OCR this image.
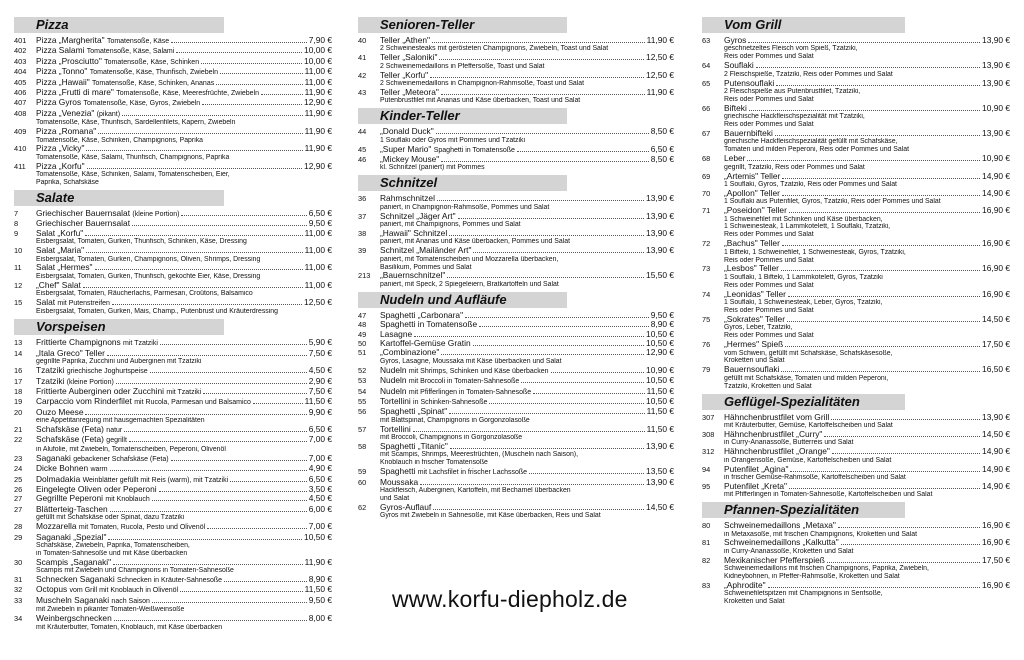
Pizza
401	Pizza „Margherita" Tomatensoße, Käse	7,90 €
402	Pizza Salami Tomatensoße, Käse, Salami	10,00 €
403	Pizza „Prosciutto" Tomatensoße, Käse, Schinken	10,00 €
404	Pizza „Tonno" Tomatensoße, Käse, Thunfisch, Zwiebeln	11,00 €
405	Pizza „Hawaii" Tomatensoße, Käse, Schinken, Ananas	11,00 €
406	Pizza „Frutti di mare" Tomatensoße, Käse, Meeresfrüchte, Zwiebeln	11,90 €
407	Pizza Gyros Tomatensoße, Käse, Gyros, Zwiebeln	12,90 €
408	Pizza „Venezia" (pikant)	11,90 €
Tomatensoße, Käse, Thunfisch, Sardellenfilets, Kapern, Zwiebeln
409	Pizza „Romana"	11,90 €
Tomatensoße, Käse, Schinken, Champignons, Paprika
410	Pizza „Vicky"	11,90 €
Tomatensoße, Käse, Salami, Thunfisch, Champignons, Paprika
411	Pizza „Korfu"	12,90 €
Tomatensoße, Käse, Schinken, Salami, Tomatenscheiben, Eier,
Paprika, Schafskäse
Salate
7	Griechischer Bauernsalat (kleine Portion)	6,50 €
8	Griechischer Bauernsalat	9,50 €
9	Salat „Korfu"	11,00 €
Eisbergsalat, Tomaten, Gurken, Thunfisch, Schinken, Käse, Dressing
10	Salat „Maria"	11,00 €
Eisbergsalat, Tomaten, Gurken, Champignons, Oliven, Shrimps, Dressing
11	Salat „Hermes"	11,00 €
Eisbergsalat, Tomaten, Gurken, Thunfisch, gekochte Eier, Käse, Dressing
12	„Chef" Salat	11,00 €
Eisbergsalat, Tomaten, Räucherlachs, Parmesan, Croûtons, Balsamico
15	Salat mit Putenstreifen	12,50 €
Eisbergsalat, Tomaten, Gurken, Mais, Champ., Putenbrust und Kräuterdressing
Vorspeisen
13	Frittierte Champignons mit Tzatziki	5,90 €
14	„Itala Greco" Teller	7,50 €
gegrillte Paprika, Zucchini und Auberginen mit Tzatziki
16	Tzatziki griechische Joghurtspeise	4,50 €
17	Tzatziki (kleine Portion)	2,90 €
18	Frittierte Auberginen oder Zucchini mit Tzatziki	7,50 €
19	Carpaccio vom Rinderfilet mit Rucola, Parmesan und Balsamico	11,50 €
20	Ouzo Meese	9,90 €
eine Appetitanregung mit hausgemachten Spezialitäten
21	Schafskäse (Feta) natur	6,50 €
22	Schafskäse (Feta) gegrillt	7,00 €
in Alufolie, mit Zwiebeln, Tomatenscheiben, Peperoni, Olivenöl
23	Saganaki gebackener Schafskäse (Feta)	7,00 €
24	Dicke Bohnen warm	4,90 €
25	Dolmadakia Weinblätter gefüllt mit Reis (warm), mit Tzatziki	6,50 €
26	Eingelegte Oliven oder Peperoni	3,50 €
27	Gegrillte Peperoni mit Knoblauch	4,50 €
27	Blätterteig-Taschen	6,00 €
gefüllt mit Schafskäse oder Spinat, dazu Tzatziki
28	Mozzarella mit Tomaten, Rucola, Pesto und Olivenöl	7,00 €
29	Saganaki „Spezial"	10,50 €
Schafskäse, Zwiebeln, Paprika, Tomatenscheiben,
in Tomaten-Sahnesoße und mit Käse überbacken
30	Scampis „Saganaki"	11,90 €
Scampis mit Zwiebeln und Champignons in Tomaten-Sahnesoße
31	Schnecken Saganaki Schnecken in Kräuter-Sahnesoße	8,90 €
32	Octopus vom Grill mit Knoblauch in Olivenöl	11,50 €
33	Muscheln Saganaki nach Saison	9,50 €
mit Zwiebeln in pikanter Tomaten-Weißweinsoße
34	Weinbergschnecken	8,00 €
mit Kräuterbutter, Tomaten, Knoblauch, mit Käse überbacken
Senioren-Teller
40	Teller „Athen"	11,90 €
2 Schweinesteaks mit gerösteten Champignons, Zwiebeln, Toast und Salat
41	Teller „Saloniki"	12,50 €
2 Schweinemedaillons in Pfeffersoße, Toast und Salat
42	Teller „Korfu"	12,50 €
2 Schweinemedaillons in Champignon-Rahmsoße, Toast und Salat
43	Teller „Meteora"	11,90 €
Putenbrustfilet mit Ananas und Käse überbacken, Toast und Salat
Kinder-Teller
44	„Donald Duck"	8,50 €
1 Souflaki oder Gyros mit Pommes und Tzatziki
45	„Super Mario" Spaghetti in Tomatensoße	6,50 €
46	„Mickey Mouse"	8,50 €
kl. Schnitzel (paniert) mit Pommes
Schnitzel
36	Rahmschnitzel	13,90 €
paniert, in Champignon-Rahmsoße, Pommes und Salat
37	Schnitzel „Jäger Art"	13,90 €
paniert, mit Champignons, Pommes und Salat
38	„Hawaii" Schnitzel	13,90 €
paniert, mit Ananas und Käse überbacken, Pommes und Salat
39	Schnitzel „Mailänder Art"	13,90 €
paniert, mit Tomatenscheiben und Mozzarella überbacken,
Basilikum, Pommes und Salat
213	„Bauernschnitzel"	15,50 €
paniert, mit Speck, 2 Spiegeleiern, Bratkartoffeln und Salat
Nudeln und Aufläufe
47	Spaghetti „Carbonara"	9,50 €
48	Spaghetti in Tomatensoße	8,90 €
49	Lasagne	10,50 €
50	Kartoffel-Gemüse Gratin	10,50 €
51	„Combinazione"	12,90 €
Gyros, Lasagne, Moussaka mit Käse überbacken und Salat
52	Nudeln mit Shrimps, Schinken und Käse überbacken	10,90 €
53	Nudeln mit Broccoli in Tomaten-Sahnesoße	10,50 €
54	Nudeln mit Pfifferlingen in Tomaten-Sahnesoße	11,50 €
55	Tortellini in Schinken-Sahnesoße	10,50 €
56	Spaghetti „Spinat"	11,50 €
mit Blattspinat, Champignons in Gorgonzolasoße
57	Tortellini	11,50 €
mit Broccoli, Champignons in Gorgonzolasoße
58	Spaghetti „Titanic"	13,90 €
mit Scampis, Shrimps, Meeresfrüchten, (Muscheln nach Saison),
Knoblauch in frischer Tomatensoße
59	Spaghetti mit Lachsfilet in frischer Lachssoße	13,50 €
60	Moussaka	13,90 €
Hackfleisch, Auberginen, Kartoffeln, mit Bechamel überbacken
und Salat
62	Gyros-Auflauf	14,50 €
Gyros mit Zwiebeln in Sahnesoße, mit Käse überbacken, Reis und Salat
Vom Grill
63	Gyros	13,90 €
geschnetzeltes Fleisch vom Spieß, Tzatziki,
Reis oder Pommes und Salat
64	Souflaki	13,90 €
2 Fleischspieße, Tzatziki, Reis oder Pommes und Salat
65	Putensouflaki	13,90 €
2 Fleischspieße aus Putenbrustfilet, Tzatziki,
Reis oder Pommes und Salat
66	Bifteki	10,90 €
griechische Hackfleischspezialität mit Tzatziki,
Reis oder Pommes und Salat
67	Bauernbifteki	13,90 €
griechische Hackfleischspezialität gefüllt mit Schafskäse,
Tomaten und milden Peperoni, Reis oder Pommes und Salat
68	Leber	10,90 €
gegrillt, Tzatziki, Reis oder Pommes und Salat
69	„Artemis" Teller	14,90 €
1 Souflaki, Gyros, Tzatziki, Reis oder Pommes und Salat
70	„Apollon" Teller	14,90 €
1 Souflaki aus Putenfilet, Gyros, Tzatziki, Reis oder Pommes und Salat
71	„Poseidon" Teller	16,90 €
1 Schweinefilet mit Schinken und Käse überbacken,
1 Schweinesteak, 1 Lammkotelett, 1 Souflaki, Tzatziki,
Reis oder Pommes und Salat
72	„Bachus" Teller	16,90 €
1 Bifteki, 1 Schweinefilet, 1 Schweinesteak, Gyros, Tzatziki,
Reis oder Pommes und Salat
73	„Lesbos" Teller	16,90 €
1 Souflaki, 1 Bifteki, 1 Lammkotelett, Gyros, Tzatziki
Reis oder Pommes und Salat
74	„Leonidas" Teller	16,90 €
1 Souflaki, 1 Schweinesteak, Leber, Gyros, Tzatziki,
Reis oder Pommes und Salat
75	„Sokrates" Teller	14,50 €
Gyros, Leber, Tzatziki,
Reis oder Pommes und Salat
76	„Hermes" Spieß	17,50 €
vom Schwein, gefüllt mit Schafskäse, Schafskäsesoße,
Kroketten und Salat
79	Bauernsouflaki	16,50 €
gefüllt mit Schafskäse, Tomaten und milden Peperoni,
Tzatziki, Kroketten und Salat
Geflügel-Spezialitäten
307	Hähnchenbrustfilet vom Grill	13,90 €
mit Kräuterbutter, Gemüse, Kartoffelscheiben und Salat
308	Hähnchenbrustfilet „Curry"	14,50 €
in Curry-Ananassoße, Butterreis und Salat
312	Hähnchenbrustfilet „Orange"	14,90 €
in Orangensoße, Gemüse, Kartoffelscheiben und Salat
94	Putenfilet „Agina"	14,90 €
in frischer Gemüse-Rahmsoße, Kartoffelscheiben und Salat
95	Putenfilet „Kreta"	14,90 €
mit Pfifferlingen in Tomaten-Sahnesoße, Kartoffelscheiben und Salat
Pfannen-Spezialitäten
80	Schweinemedaillons „Metaxa"	16,90 €
in Metaxasoße, mit frischen Champignons, Kroketten und Salat
81	Schweinemedaillons „Kalkutta"	16,90 €
in Curry-Ananassoße, Kroketten und Salat
82	Mexikanischer Pfefferspieß	17,50 €
Schweinemedaillons mit frischen Champignons, Paprika, Zwiebeln,
Kidneybohnen, in Pfeffer-Rahmsoße, Kroketten und Salat
83	„Aphrodite"	16,90 €
Schweinefiletspitzen mit Champignons in Senfsoße,
Kroketten und Salat
www.korfu-diepholz.de
